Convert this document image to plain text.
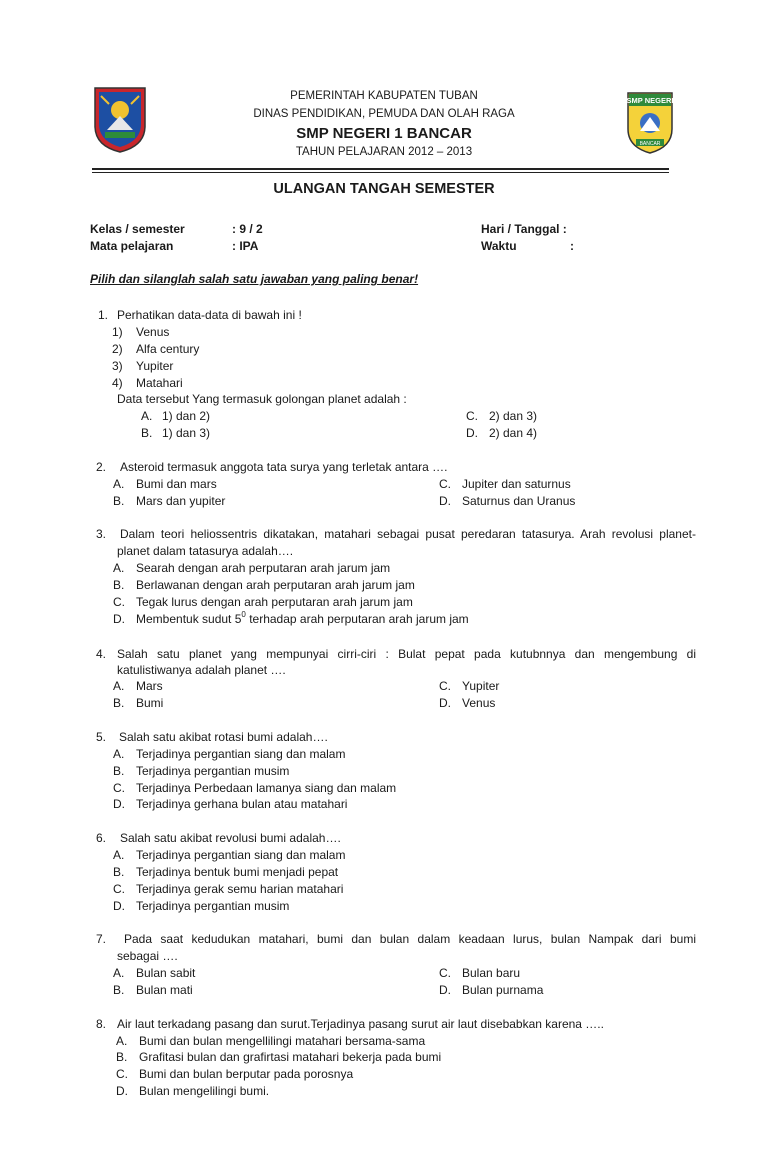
SMP NEGERI
BANCAR
PEMERINTAH KABUPATEN TUBAN
DINAS PENDIDIKAN, PEMUDA DAN OLAH RAGA
SMP NEGERI 1 BANCAR
TAHUN PELAJARAN 2012 – 2013
ULANGAN TANGAH SEMESTER
Kelas / semester	: 9 / 2	Hari / Tanggal :
Mata pelajaran	: IPA	Waktu	:
Pilih dan silanglah salah satu jawaban yang paling benar!
1. Perhatikan data-data di bawah ini !
1) Venus
2) Alfa century
3) Yupiter
4) Matahari
Data tersebut Yang termasuk golongan planet adalah :
A. 1) dan 2)	C. 2) dan 3)
B. 1) dan 3)	D. 2) dan 4)
2. Asteroid termasuk anggota tata surya yang terletak antara ….
A. Bumi dan mars	C. Jupiter dan saturnus
B. Mars dan yupiter	D. Saturnus dan Uranus
3. Dalam teori heliossentris dikatakan, matahari sebagai pusat peredaran tatasurya. Arah revolusi planet-
planet dalam tatasurya adalah….
A. Searah dengan arah perputaran arah jarum jam
B. Berlawanan dengan arah perputaran arah jarum jam
C. Tegak lurus dengan arah perputaran arah jarum jam
D. Membentuk sudut $5^0$ terhadap arah perputaran arah jarum jam
4. Salah satu planet yang mempunyai cirri-ciri : Bulat pepat pada kutubnnya dan mengembung di
katulistiwanya adalah planet ….
A. Mars	C. Yupiter
B. Bumi	D. Venus
5. Salah satu akibat rotasi bumi adalah….
A. Terjadinya pergantian siang dan malam
B. Terjadinya pergantian musim
C. Terjadinya Perbedaan lamanya siang dan malam
D. Terjadinya gerhana bulan atau matahari
6. Salah satu akibat revolusi bumi adalah….
A. Terjadinya pergantian siang dan malam
B. Terjadinya bentuk bumi menjadi pepat
C. Terjadinya gerak semu harian matahari
D. Terjadinya pergantian musim
7. Pada saat kedudukan matahari, bumi dan bulan dalam keadaan lurus, bulan Nampak dari bumi
sebagai ….
A. Bulan sabit	C. Bulan baru
B. Bulan mati	D. Bulan purnama
8. Air laut terkadang pasang dan surut.Terjadinya pasang surut air laut disebabkan karena …..
A. Bumi dan bulan mengellilingi matahari bersama-sama
B. Grafitasi bulan dan grafirtasi matahari bekerja pada bumi
C. Bumi dan bulan berputar pada porosnya
D. Bulan mengelilingi bumi.
